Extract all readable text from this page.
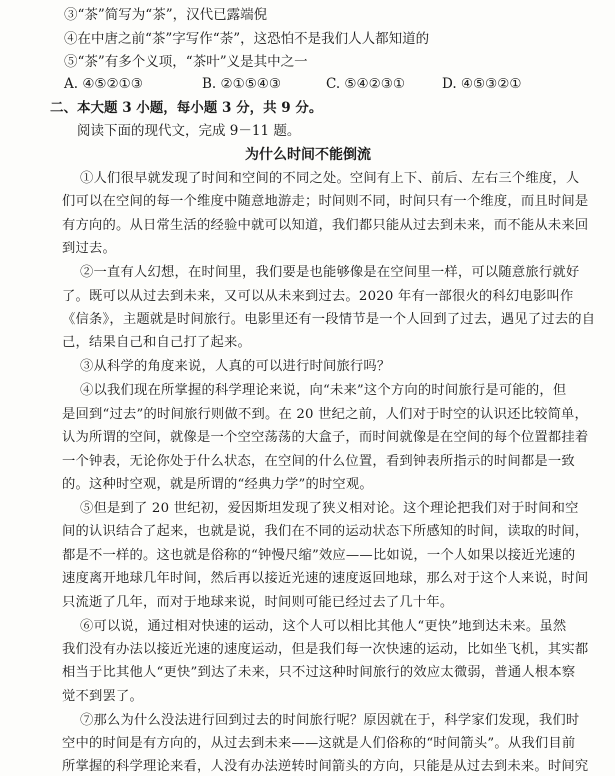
③“茶”简写为“茶”，汉代已露端倪
④在中唐之前“茶”字写作“荼”，这恐怕不是我们人人都知道的
⑤“茶”有多个义项，“茶叶”义是其中之一
A. ④⑤②①③	B. ②①⑤④③	C. ⑤④②③①	D. ④⑤③②①
二、本大题 3 小题，每小题 3 分，共 9 分。
阅读下面的现代文，完成 9－11 题。
为什么时间不能倒流
①人们很早就发现了时间和空间的不同之处。空间有上下、前后、左右三个维度，人
们可以在空间的每一个维度中随意地游走；时间则不同，时间只有一个维度，而且时间是
有方向的。从日常生活的经验中就可以知道，我们都只能从过去到未来，而不能从未来回
到过去。
②一直有人幻想，在时间里，我们要是也能够像是在空间里一样，可以随意旅行就好
了。既可以从过去到未来，又可以从未来到过去。2020 年有一部很火的科幻电影叫作
《信条》，主题就是时间旅行。电影里还有一段情节是一个人回到了过去，遇见了过去的自
己，结果自己和自己打了起来。
③从科学的角度来说，人真的可以进行时间旅行吗？
④以我们现在所掌握的科学理论来说，向“未来”这个方向的时间旅行是可能的，但
是回到“过去”的时间旅行则做不到。在 20 世纪之前，人们对于时空的认识还比较简单，
认为所谓的空间，就像是一个空空荡荡的大盒子，而时间就像是在空间的每个位置都挂着
一个钟表，无论你处于什么状态，在空间的什么位置，看到钟表所指示的时间都是一致
的。这种时空观，就是所谓的“经典力学”的时空观。
⑤但是到了 20 世纪初，爱因斯坦发现了狭义相对论。这个理论把我们对于时间和空
间的认识结合了起来，也就是说，我们在不同的运动状态下所感知的时间，读取的时间，
都是不一样的。这也就是俗称的“钟慢尺缩”效应——比如说，一个人如果以接近光速的
速度离开地球几年时间，然后再以接近光速的速度返回地球，那么对于这个人来说，时间
只流逝了几年，而对于地球来说，时间则可能已经过去了几十年。
⑥可以说，通过相对快速的运动，这个人可以相比其他人“更快”地到达未来。虽然
我们没有办法以接近光速的速度运动，但是我们每一次快速的运动，比如坐飞机，其实都
相当于比其他人“更快”到达了未来，只不过这种时间旅行的效应太微弱，普通人根本察
觉不到罢了。
⑦那么为什么没法进行回到过去的时间旅行呢？原因就在于，科学家们发现，我们时
空中的时间是有方向的，从过去到未来——这就是人们俗称的“时间箭头”。从我们目前
所掌握的科学理论来看，人没有办法逆转时间箭头的方向，只能是从过去到未来。时间究
